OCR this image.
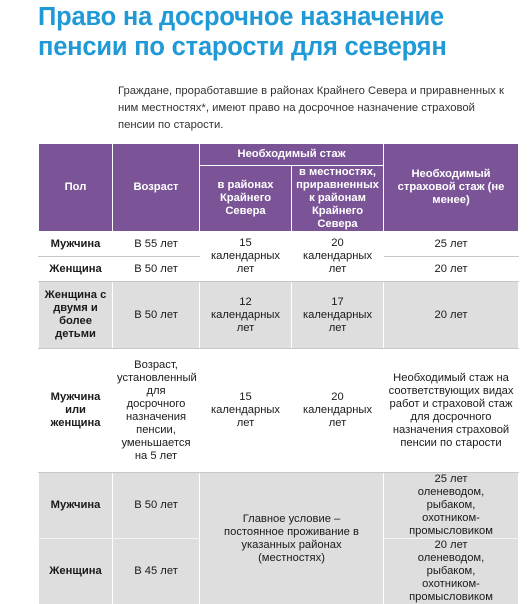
Право на досрочное назначение пенсии по старости для северян
Граждане, проработавшие в районах Крайнего Севера и приравненных к ним местностях*, имеют право на досрочное назначение страховой пенсии по старости.
Пол	Возраст	Необходимый стаж		Необходимый страховой стаж (не менее)
		в районах Крайнего Севера	в местностях, приравненных к районам Крайнего Севера	
Мужчина	В 55 лет	15 календарных лет	20 календарных лет	25 лет
Женщина	В 50 лет			20 лет
Женщина с двумя и более детьми	В 50 лет	12 календарных лет	17 календарных лет	20 лет
Мужчина или женщина	Возраст, установленный для досрочного назначения пенсии, уменьшается на 5 лет	15 календарных лет	20 календарных лет	Необходимый стаж на соответствующих видах работ и страховой стаж для досрочного назначения страховой пенсии по старости
Мужчина	В 50 лет	Главное условие – постоянное проживание в указанных районах (местностях)		25 лет оленеводом, рыбаком, охотником-промысловиком
Женщина	В 45 лет			20 лет оленеводом, рыбаком, охотником-промысловиком
